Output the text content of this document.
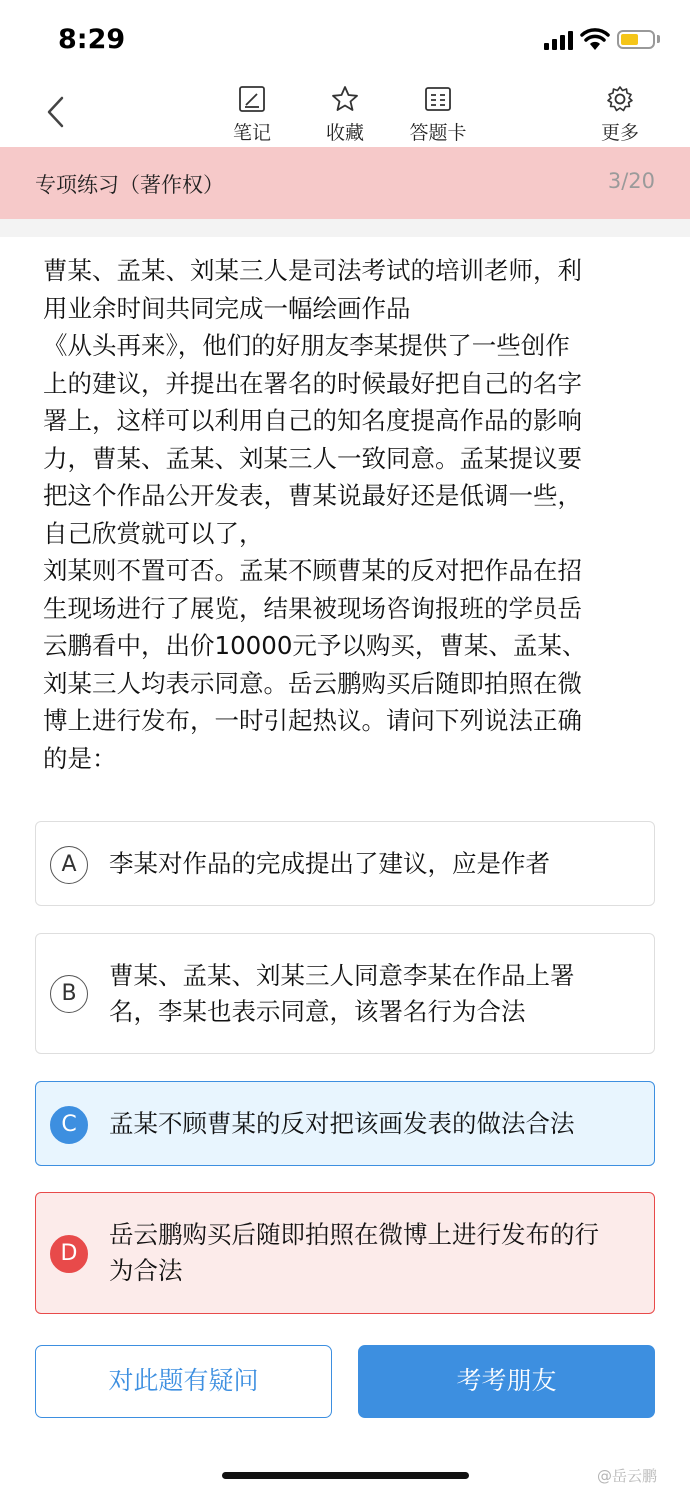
8:29
笔记	收藏	答题卡	更多
专项练习（著作权）	3/20
曹某、孟某、刘某三人是司法考试的培训老师，利
用业余时间共同完成一幅绘画作品
《从头再来》，他们的好朋友李某提供了一些创作
上的建议，并提出在署名的时候最好把自己的名字
署上，这样可以利用自己的知名度提高作品的影响
力，曹某、孟某、刘某三人一致同意。孟某提议要
把这个作品公开发表，曹某说最好还是低调一些，
自己欣赏就可以了，
刘某则不置可否。孟某不顾曹某的反对把作品在招
生现场进行了展览，结果被现场咨询报班的学员岳
云鹏看中，出价10000元予以购买，曹某、孟某、
刘某三人均表示同意。岳云鹏购买后随即拍照在微
博上进行发布，一时引起热议。请问下列说法正确
的是：
A	李某对作品的完成提出了建议，应是作者
B
曹某、孟某、刘某三人同意李某在作品上署
名，李某也表示同意，该署名行为合法
C	孟某不顾曹某的反对把该画发表的做法合法
D
岳云鹏购买后随即拍照在微博上进行发布的行
为合法
对此题有疑问	考考朋友
@岳云鹏
